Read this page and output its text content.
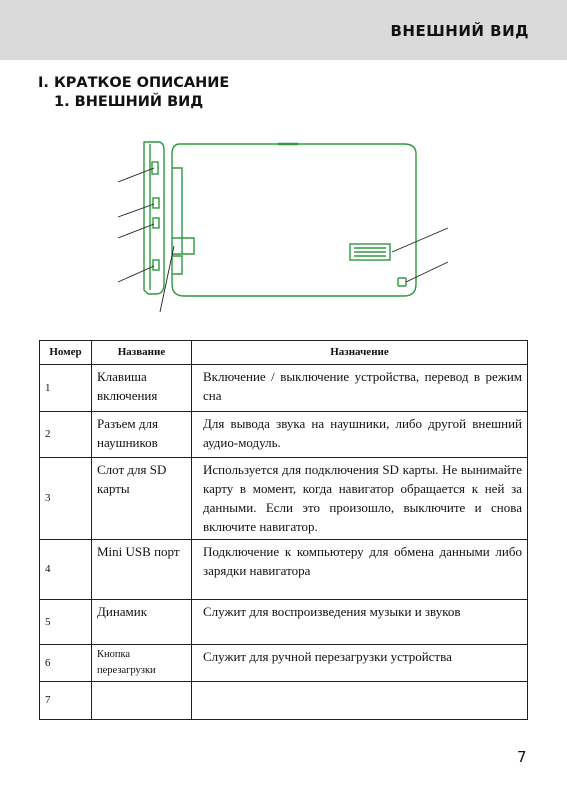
ВНЕШНИЙ ВИД
I. КРАТКОЕ ОПИСАНИЕ
1. ВНЕШНИЙ ВИД
Номер	Название	Назначение
1	Клавиша включения	Включение / выключение устройства, перевод в режим сна
2	Разъем для наушников	Для вывода звука на наушники, либо другой внешний аудио-модуль.
3	Слот для SD карты	Используется для подключения SD карты. Не вынимайте карту в момент, когда навигатор обращается к ней за данными. Если это произошло, выключите и снова включите навигатор.
4	Mini USB порт	Подключение к компьютеру для обмена данными либо зарядки навигатора
5	Динамик	Служит для воспроизведения музыки и звуков
6	Кнопка перезагрузки	Служит для ручной перезагрузки устройства
7		
7
